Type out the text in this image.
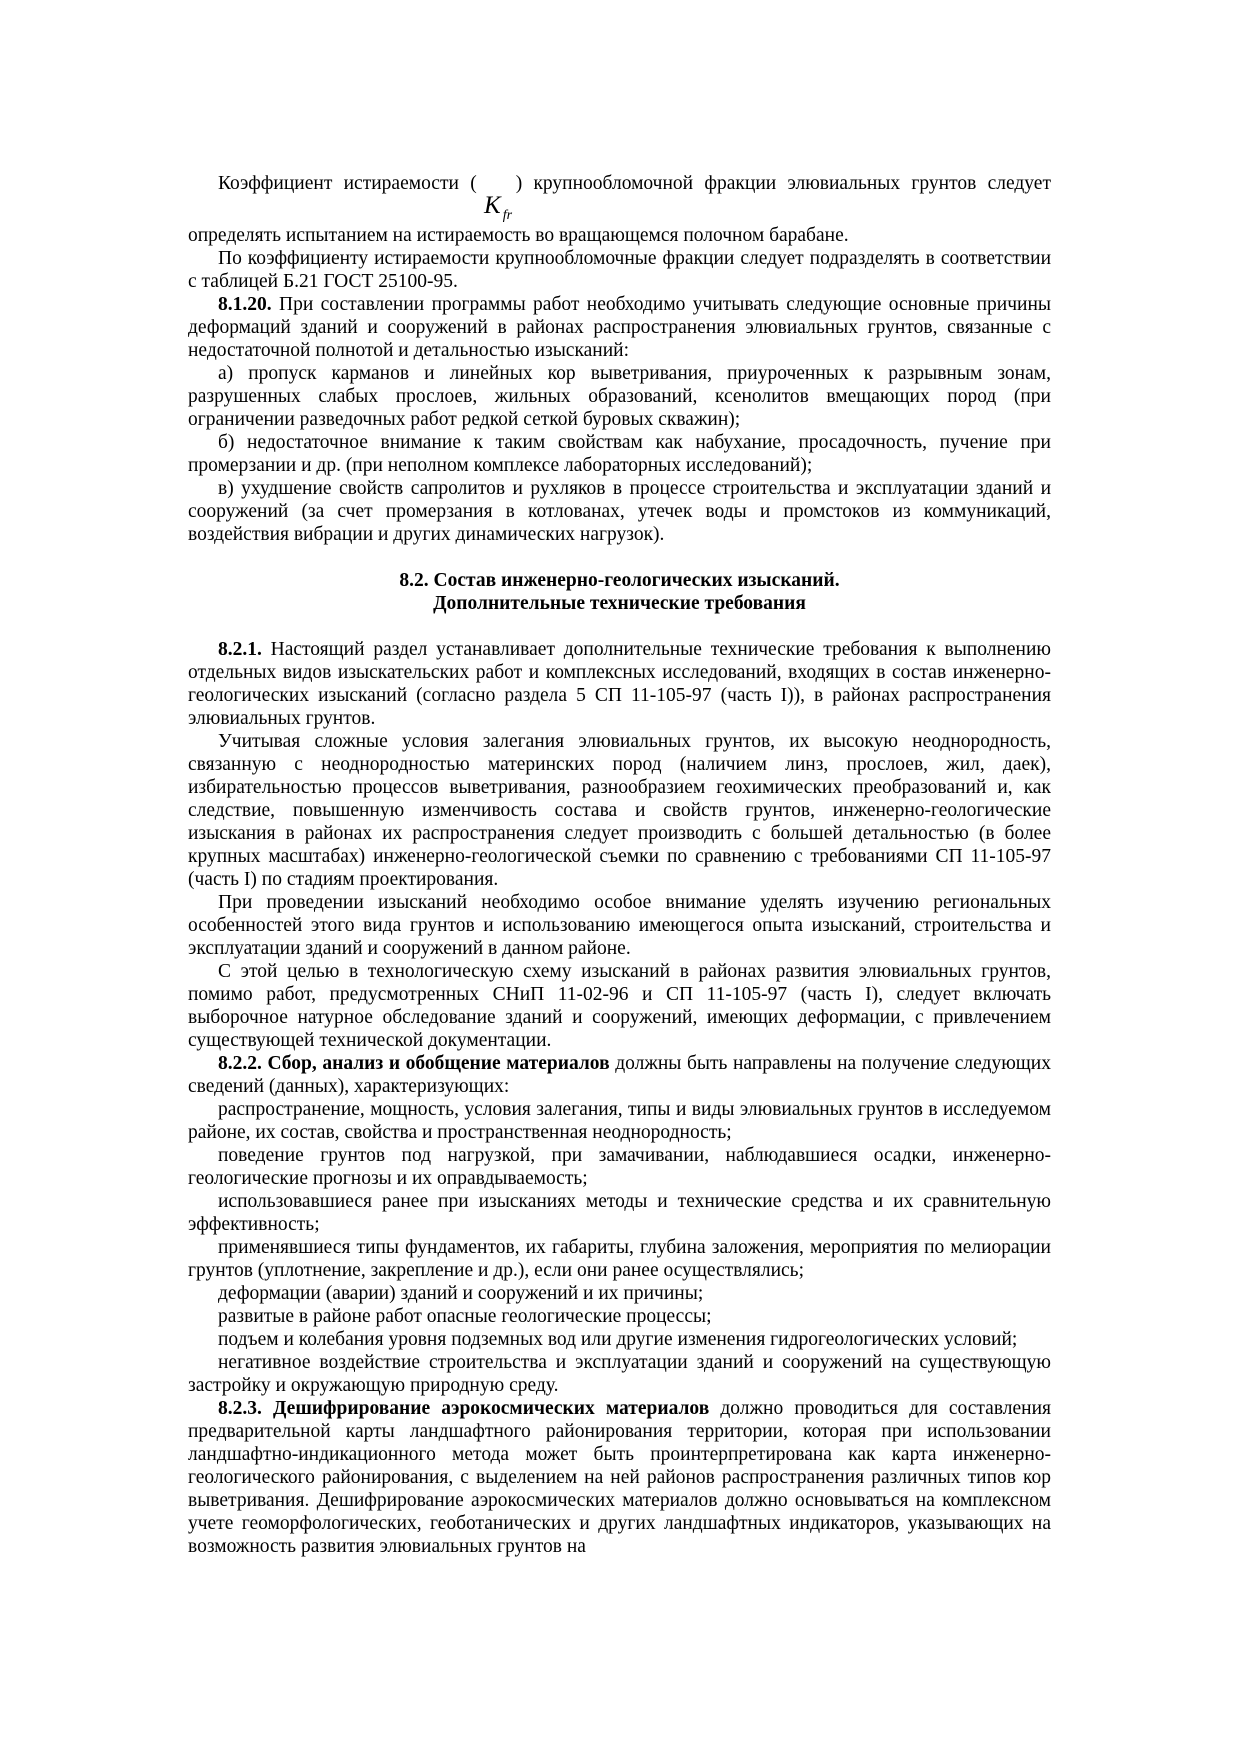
Коэффициент истираемости (   ) крупнообломочной фракции элювиальных грунтов следует
K $_{fr}$

определять испытанием на истираемость во вращающемся полочном барабане.

По коэффициенту истираемости крупнообломочные фракции следует подразделять в соответствии с таблицей Б.21 ГОСТ 25100-95.

8.1.20. При составлении программы работ необходимо учитывать следующие основные причины деформаций зданий и сооружений в районах распространения элювиальных грунтов, связанные с недостаточной полнотой и детальностью изысканий:

а) пропуск карманов и линейных кор выветривания, приуроченных к разрывным зонам, разрушенных слабых прослоев, жильных образований, ксенолитов вмещающих пород (при ограничении разведочных работ редкой сеткой буровых скважин);

б) недостаточное внимание к таким свойствам как набухание, просадочность, пучение при промерзании и др. (при неполном комплексе лабораторных исследований);

в) ухудшение свойств сапролитов и рухляков в процессе строительства и эксплуатации зданий и сооружений (за счет промерзания в котлованах, утечек воды и промстоков из коммуникаций, воздействия вибрации и других динамических нагрузок).

8.2. Состав инженерно-геологических изысканий.

Дополнительные технические требования

8.2.1. Настоящий раздел устанавливает дополнительные технические требования к выполнению отдельных видов изыскательских работ и комплексных исследований, входящих в состав инженерно-геологических изысканий (согласно раздела 5 СП 11-105-97 (часть I)), в районах распространения элювиальных грунтов.

Учитывая сложные условия залегания элювиальных грунтов, их высокую неоднородность, связанную с неоднородностью материнских пород (наличием линз, прослоев, жил, даек), избирательностью процессов выветривания, разнообразием геохимических преобразований и, как следствие, повышенную изменчивость состава и свойств грунтов, инженерно-геологические изыскания в районах их распространения следует производить с большей детальностью (в более крупных масштабах) инженерно-геологической съемки по сравнению с требованиями СП 11-105-97 (часть I) по стадиям проектирования.

При проведении изысканий необходимо особое внимание уделять изучению региональных особенностей этого вида грунтов и использованию имеющегося опыта изысканий, строительства и эксплуатации зданий и сооружений в данном районе.

С этой целью в технологическую схему изысканий в районах развития элювиальных грунтов, помимо работ, предусмотренных СНиП 11-02-96 и СП 11-105-97 (часть I), следует включать выборочное натурное обследование зданий и сооружений, имеющих деформации, с привлечением существующей технической документации.

8.2.2. Сбор, анализ и обобщение материалов должны быть направлены на получение следующих сведений (данных), характеризующих:

распространение, мощность, условия залегания, типы и виды элювиальных грунтов в исследуемом районе, их состав, свойства и пространственная неоднородность;

поведение грунтов под нагрузкой, при замачивании, наблюдавшиеся осадки, инженерно-геологические прогнозы и их оправдываемость;

использовавшиеся ранее при изысканиях методы и технические средства и их сравнительную эффективность;

применявшиеся типы фундаментов, их габариты, глубина заложения, мероприятия по мелиорации грунтов (уплотнение, закрепление и др.), если они ранее осуществлялись;

деформации (аварии) зданий и сооружений и их причины;

развитые в районе работ опасные геологические процессы;

подъем и колебания уровня подземных вод или другие изменения гидрогеологических условий;

негативное воздействие строительства и эксплуатации зданий и сооружений на существующую застройку и окружающую природную среду.

8.2.3. Дешифрирование аэрокосмических материалов должно проводиться для составления предварительной карты ландшафтного районирования территории, которая при использовании ландшафтно-индикационного метода может быть проинтерпретирована как карта инженерно-геологического районирования, с выделением на ней районов распространения различных типов кор выветривания. Дешифрирование аэрокосмических материалов должно основываться на комплексном учете геоморфологических, геоботанических и других ландшафтных индикаторов, указывающих на возможность развития элювиальных грунтов на
